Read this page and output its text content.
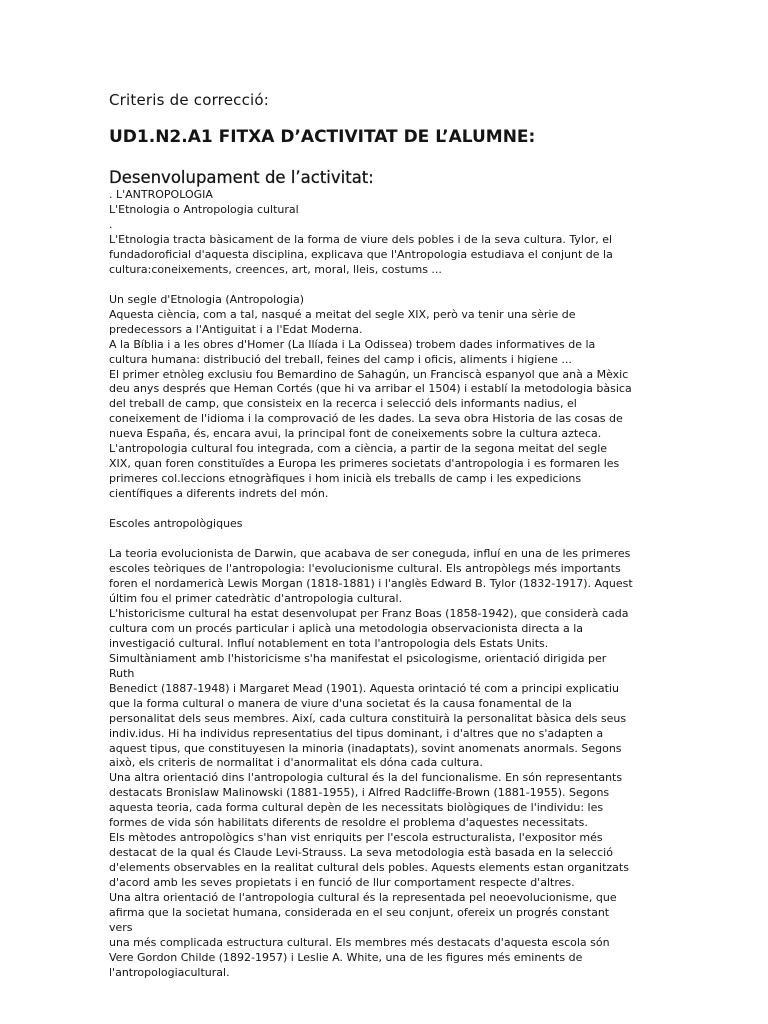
Criteris de correcció:
UD1.N2.A1 FITXA D’ACTIVITAT DE L’ALUMNE:
Desenvolupament de l’activitat:
. L'ANTROPOLOGIA
L'Etnologia o Antropologia cultural
.
L'Etnologia tracta bàsicament de la forma de viure dels pobles i de la seva cultura. Tylor, el
fundadoroficial d'aquesta disciplina, explicava que l'Antropologia estudiava el conjunt de la
cultura:coneixements, creences, art, moral, lleis, costums ...
Un segle d'Etnologia (Antropologia)
Aquesta ciència, com a tal, nasqué a meitat del segle XIX, però va tenir una sèrie de
predecessors a l'Antiguitat i a l'Edat Moderna.
A la Bíblia i a les obres d'Homer (La Ilíada i La Odissea) trobem dades informatives de la
cultura humana: distribució del treball, feines del camp i oficis, aliments i higiene ...
El primer etnòleg exclusiu fou Bemardino de Sahagún, un Franciscà espanyol que anà a Mèxic
deu anys després que Heman Cortés (que hi va arribar el 1504) i establí la metodologia bàsica
del treball de camp, que consisteix en la recerca i selecció dels informants nadius, el
coneixement de l'idioma i la comprovació de les dades. La seva obra Historia de las cosas de
nueva España, és, encara avui, la principal font de coneixements sobre la cultura azteca.
L'antropologia cultural fou integrada, com a ciència, a partir de la segona meitat del segle
XIX, quan foren constituïdes a Europa les primeres societats d'antropologia i es formaren les
primeres col.leccions etnogràfiques i hom inicià els treballs de camp i les expedicions
científiques a diferents indrets del món.
Escoles antropològiques
La teoria evolucionista de Darwin, que acabava de ser coneguda, influí en una de les primeres
escoles teòriques de l'antropologia: l'evolucionisme cultural. Els antropòlegs més importants
foren el nordamericà Lewis Morgan (1818-1881) i l'anglès Edward B. Tylor (1832-1917). Aquest
últim fou el primer catedràtic d'antropologia cultural.
L'historicisme cultural ha estat desenvolupat per Franz Boas (1858-1942), que considerà cada
cultura com un procés particular i aplicà una metodologia observacionista directa a la
investigació cultural. Influí notablement en tota l'antropologia dels Estats Units.
Simultàniament amb l'historicisme s'ha manifestat el psicologisme, orientació dirigida per
Ruth
Benedict (1887-1948) i Margaret Mead (1901). Aquesta orintació té com a principi explicatiu
que la forma cultural o manera de viure d'una societat és la causa fonamental de la
personalitat dels seus membres. Així, cada cultura constituirà la personalitat bàsica dels seus
indiv.idus. Hi ha individus representatius del tipus dominant, i d'altres que no s'adapten a
aquest tipus, que constituyesen la minoria (inadaptats), sovint anomenats anormals. Segons
això, els criteris de normalitat i d'anormalitat els dóna cada cultura.
Una altra orientació dins l'antropologia cultural és la del funcionalisme. En són representants
destacats Bronislaw Malinowski (1881-1955), i Alfred Radcliffe-Brown (1881-1955). Segons
aquesta teoria, cada forma cultural depèn de les necessitats biològiques de l'individu: les
formes de vida són habilitats diferents de resoldre el problema d'aquestes necessitats.
Els mètodes antropològics s'han vist enriquits per l'escola estructuralista, l'expositor més
destacat de la qual és Claude Levi-Strauss. La seva metodologia està basada en la selecció
d'elements observables en la realitat cultural dels pobles. Aquests elements estan organitzats
d'acord amb les seves propietats i en funció de llur comportament respecte d'altres.
Una altra orientació de l'antropologia cultural és la representada pel neoevolucionisme, que
afirma que la societat humana, considerada en el seu conjunt, ofereix un progrés constant
vers
una més complicada estructura cultural. Els membres més destacats d'aquesta escola són
Vere Gordon Childe (1892-1957) i Leslie A. White, una de les figures més eminents de
l'antropologiacultural.
